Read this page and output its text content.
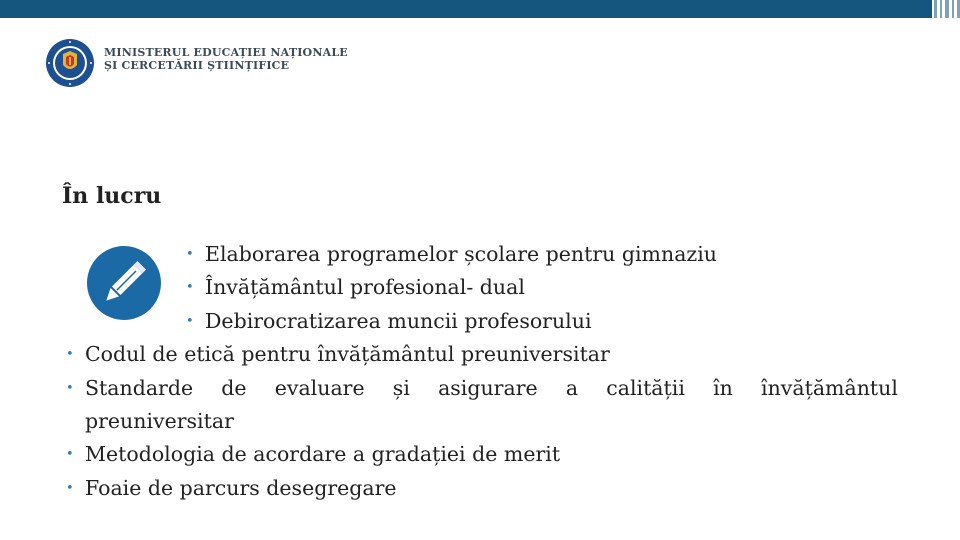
MINISTERUL EDUCAȚIEI NAȚIONALE
ȘI CERCETĂRII ȘTIINȚIFICE
În lucru
• Elaborarea programelor școlare pentru gimnaziu
• Învățământul profesional- dual
• Debirocratizarea muncii profesorului
• Codul de etică pentru învățământul preuniversitar
• Standarde de evaluare și asigurare a calității în învățământul
preuniversitar
• Metodologia de acordare a gradației de merit
• Foaie de parcurs desegregare
